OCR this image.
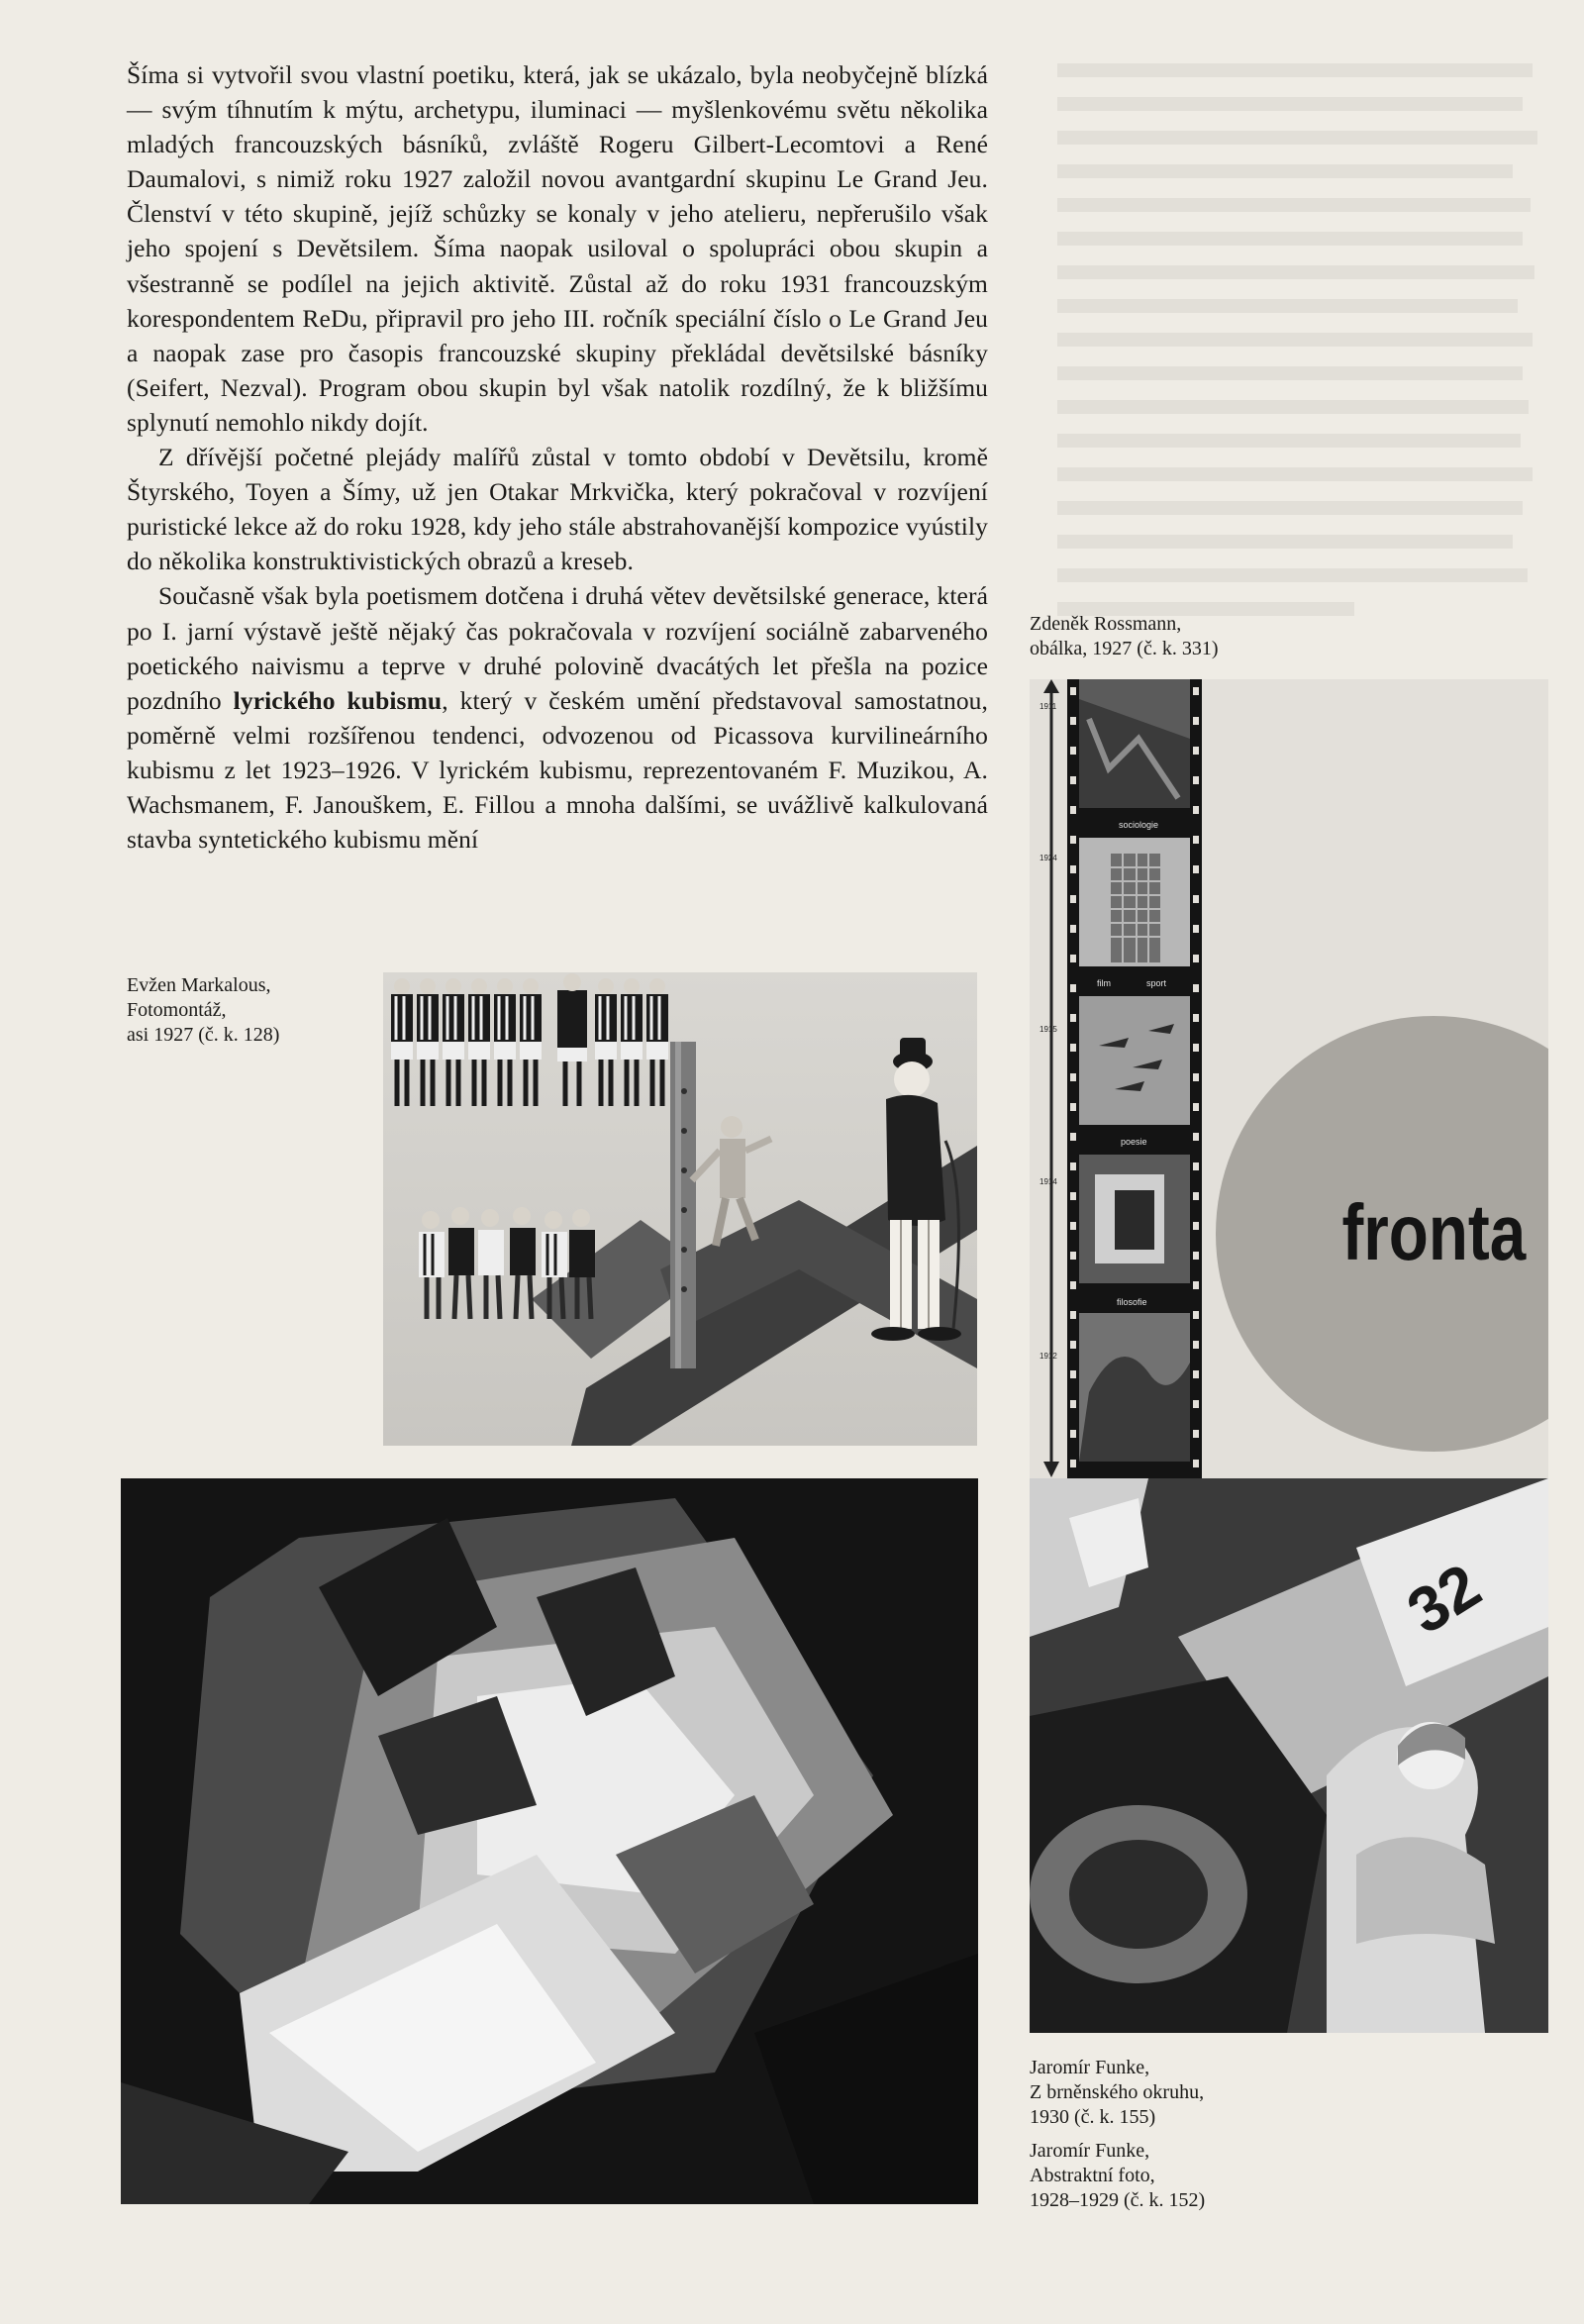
Šíma si vytvořil svou vlastní poetiku, která, jak se ukázalo, byla neobyčejně blízká — svým tíhnutím k mýtu, archetypu, iluminaci — myšlenkovému světu několika mladých francouzských básníků, zvláště Rogeru Gilbert-Lecomtovi a René Daumalovi, s nimiž roku 1927 založil novou avantgardní skupinu Le Grand Jeu. Členství v této skupině, jejíž schůzky se konaly v jeho atelieru, nepřerušilo však jeho spojení s Devětsilem. Šíma naopak usiloval o spolupráci obou skupin a všestranně se podílel na jejich aktivitě. Zůstal až do roku 1931 francouzským korespondentem ReDu, připravil pro jeho III. ročník speciální číslo o Le Grand Jeu a naopak zase pro časopis francouzské skupiny překládal devětsilské básníky (Seifert, Nezval). Program obou skupin byl však natolik rozdílný, že k bližšímu splynutí nemohlo nikdy dojít.

Z dřívější početné plejády malířů zůstal v tomto období v Devětsilu, kromě Štyrského, Toyen a Šímy, už jen Otakar Mrkvička, který pokračoval v rozvíjení puristické lekce až do roku 1928, kdy jeho stále abstrahovanější kompozice vyústily do několika konstruktivistických obrazů a kreseb.

Současně však byla poetismem dotčena i druhá větev devětsilské generace, která po I. jarní výstavě ještě nějaký čas pokračovala v rozvíjení sociálně zabarveného poetického naivismu a teprve v druhé polovině dvacátých let přešla na pozice pozdního lyrického kubismu, který v českém umění představoval samostatnou, poměrně velmi rozšířenou tendenci, odvozenou od Picassova kurvilineárního kubismu z let 1923–1926. V lyrickém kubismu, reprezentovaném F. Muzikou, A. Wachsmanem, F. Janouškem, E. Fillou a mnoha dalšími, se uvážlivě kalkulovaná stavba syntetického kubismu mění

Zdeněk Rossmann,
obálka, 1927 (č. k. 331)
Evžen Markalous,
Fotomontáž,
asi 1927 (č. k. 128)
1911
1924
1915
1914
1912
sociologie
film	sport
poesie
filosofie
fronta
32
Jaromír Funke,
Z brněnského okruhu,
1930 (č. k. 155)
Jaromír Funke,
Abstraktní foto,
1928–1929 (č. k. 152)
